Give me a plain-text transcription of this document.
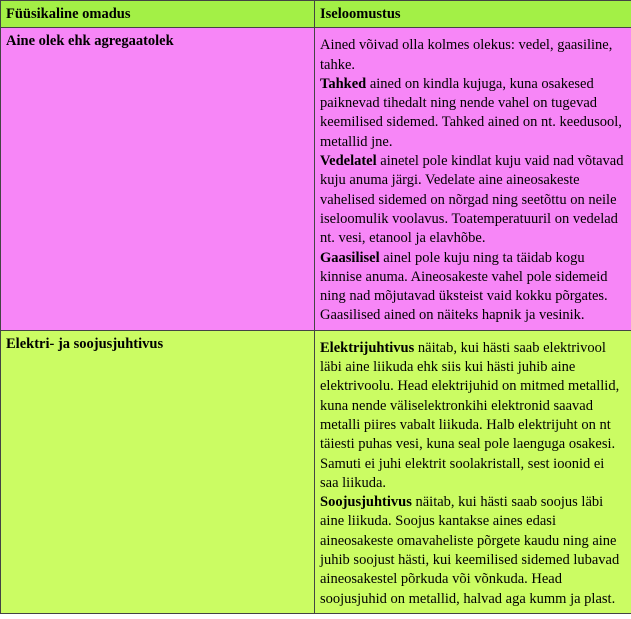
Füüsikaline omadus	Iseloomustus
Aine olek ehk agregaatolek	Ained võivad olla kolmes olekus: vedel, gaasiline, tahke.

Tahked ained on kindla kujuga, kuna osakesed paiknevad tihedalt ning nende vahel on tugevad keemilised sidemed. Tahked ained on nt. keedusool, metallid jne.

Vedelatel ainetel pole kindlat kuju vaid nad võtavad kuju anuma järgi. Vedelate aine aineosakeste vahelised sidemed on nõrgad ning seetõttu on neile iseloomulik voolavus. Toatemperatuuril on vedelad nt. vesi, etanool ja elavhõbe.

Gaasilisel ainel pole kuju ning ta täidab kogu kinnise anuma. Aineosakeste vahel pole sidemeid ning nad mõjutavad üksteist vaid kokku põrgates. Gaasilised ained on näiteks hapnik ja vesinik.

Elektri- ja soojusjuhtivus	Elektrijuhtivus näitab, kui hästi saab elektrivool läbi aine liikuda ehk siis kui hästi juhib aine elektrivoolu. Head elektrijuhid on mitmed metallid, kuna nende väliselektronkihi elektronid saavad metalli piires vabalt liikuda. Halb elektrijuht on nt täiesti puhas vesi, kuna seal pole laenguga osakesi. Samuti ei juhi elektrit soolakristall, sest ioonid ei saa liikuda.

Soojusjuhtivus näitab, kui hästi saab soojus läbi aine liikuda. Soojus kantakse aines edasi aineosakeste omavaheliste põrgete kaudu ning aine juhib soojust hästi, kui keemilised sidemed lubavad aineosakestel põrkuda või võnkuda. Head soojusjuhid on metallid, halvad aga kumm ja plast.
